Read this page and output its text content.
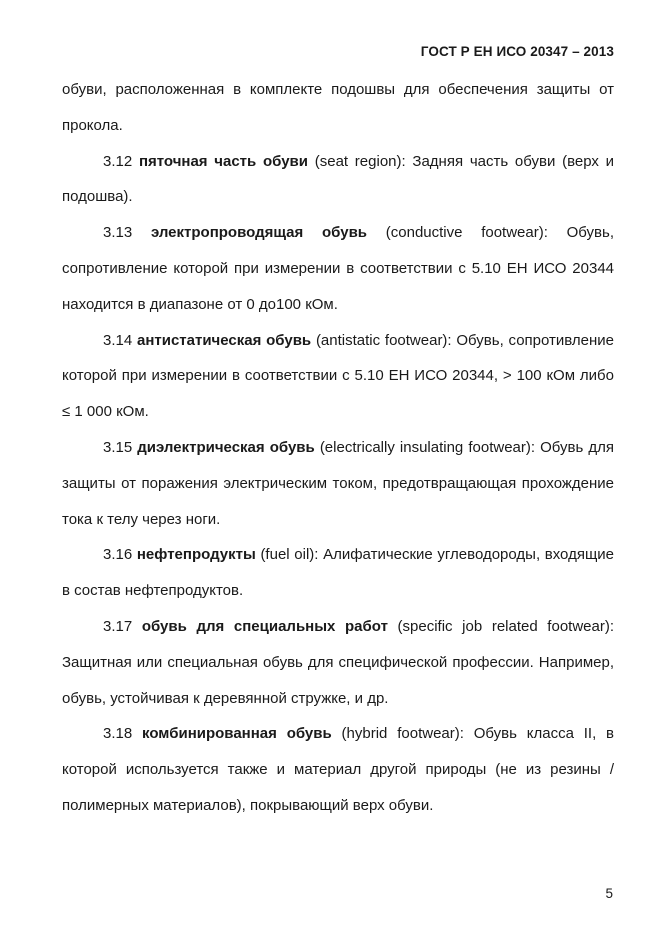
ГОСТ Р ЕН ИСО 20347 – 2013

обуви, расположенная в комплекте подошвы для обеспечения защиты от прокола.

3.12 пяточная часть обуви (seat region): Задняя часть обуви (верх и подошва).

3.13 электропроводящая обувь (conductive footwear): Обувь, сопротивление которой при измерении в соответствии с 5.10 ЕН ИСО 20344 находится в диапазоне от 0 до100 кОм.

3.14 антистатическая обувь (antistatic footwear): Обувь, сопротивление которой при измерении в соответствии с 5.10 ЕН ИСО 20344, > 100 кОм либо ≤ 1 000 кОм.

3.15 диэлектрическая обувь (electrically insulating footwear): Обувь для защиты от поражения электрическим током, предотвращающая прохождение тока к телу через ноги.

3.16 нефтепродукты (fuel oil): Алифатические углеводороды, входящие в состав нефтепродуктов.

3.17 обувь для специальных работ (specific job related footwear): Защитная или специальная обувь для специфической профессии. Например, обувь, устойчивая к деревянной стружке, и др.

3.18 комбинированная обувь (hybrid footwear): Обувь класса II, в которой используется также и материал другой природы (не из резины /полимерных материалов), покрывающий верх обуви.

5
